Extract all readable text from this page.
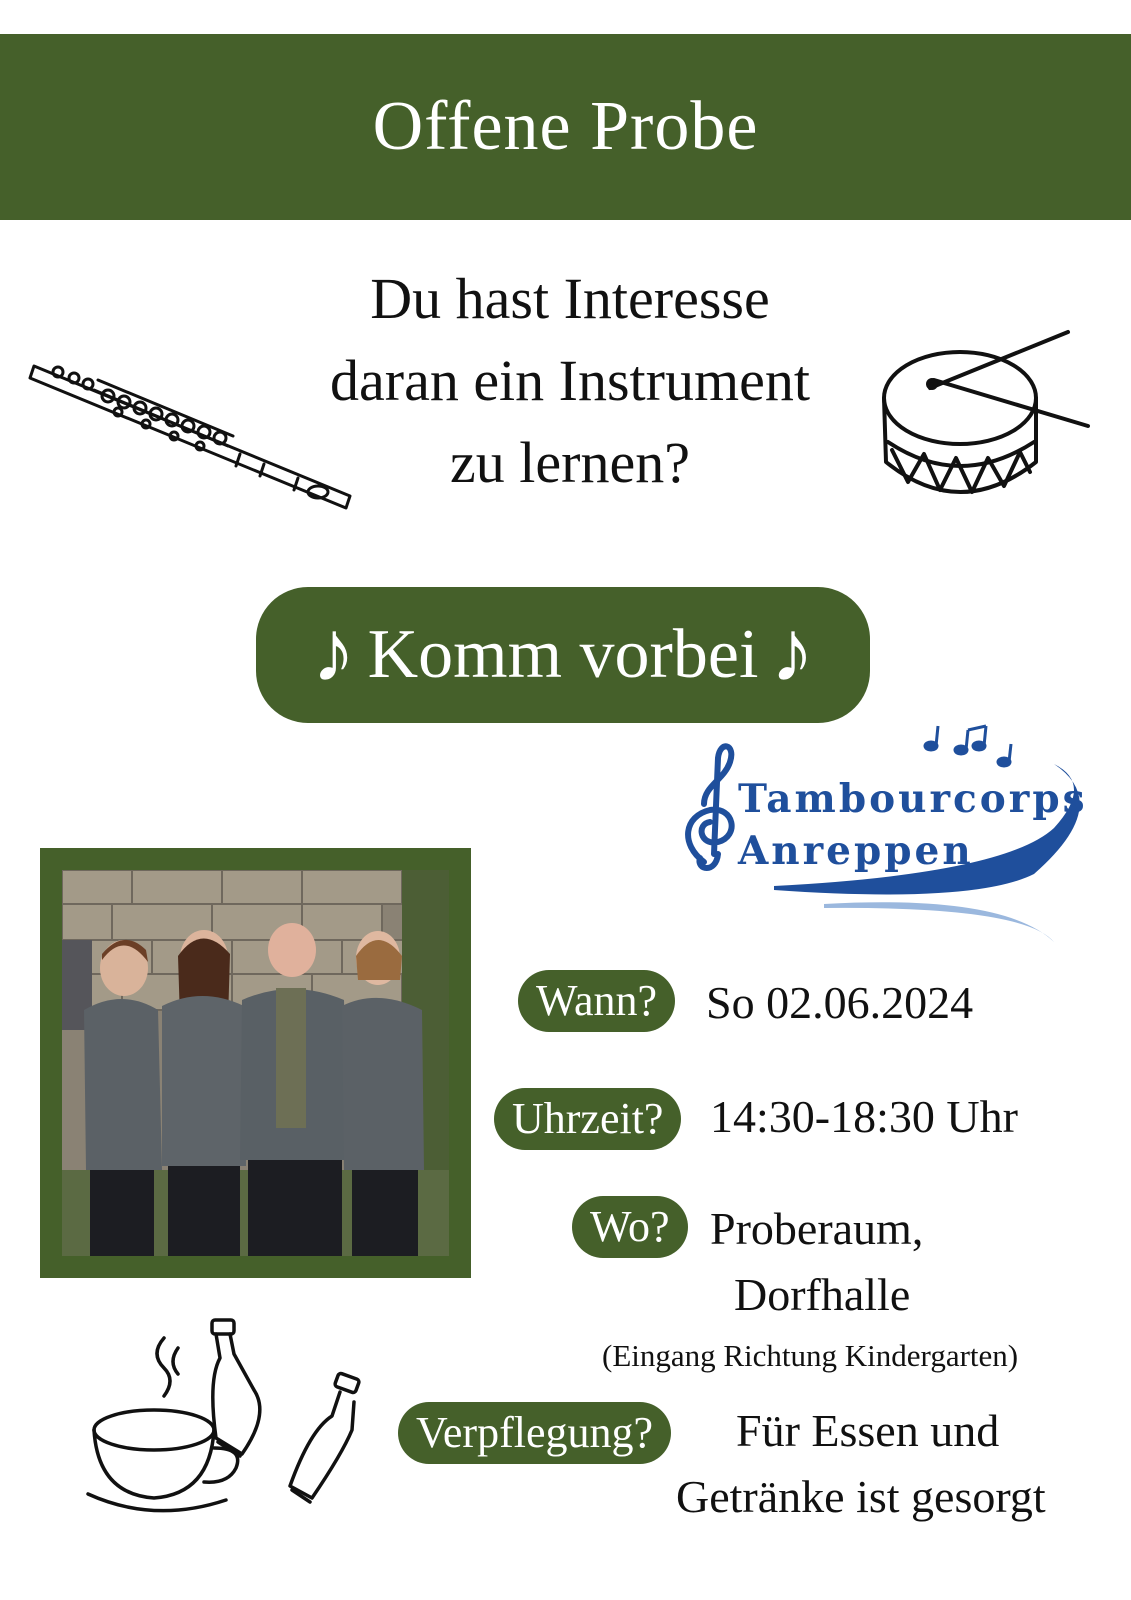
Offene Probe
Du hast Interesse
daran ein Instrument
zu lernen?
♪ Komm vorbei ♪
Tambourcorps
Anreppen
Wann?	So 02.06.2024
Uhrzeit?	14:30-18:30 Uhr
Wo? Proberaum,
Dorfhalle
(Eingang Richtung Kindergarten)
Verpflegung?	Für Essen und
Getränke ist gesorgt
